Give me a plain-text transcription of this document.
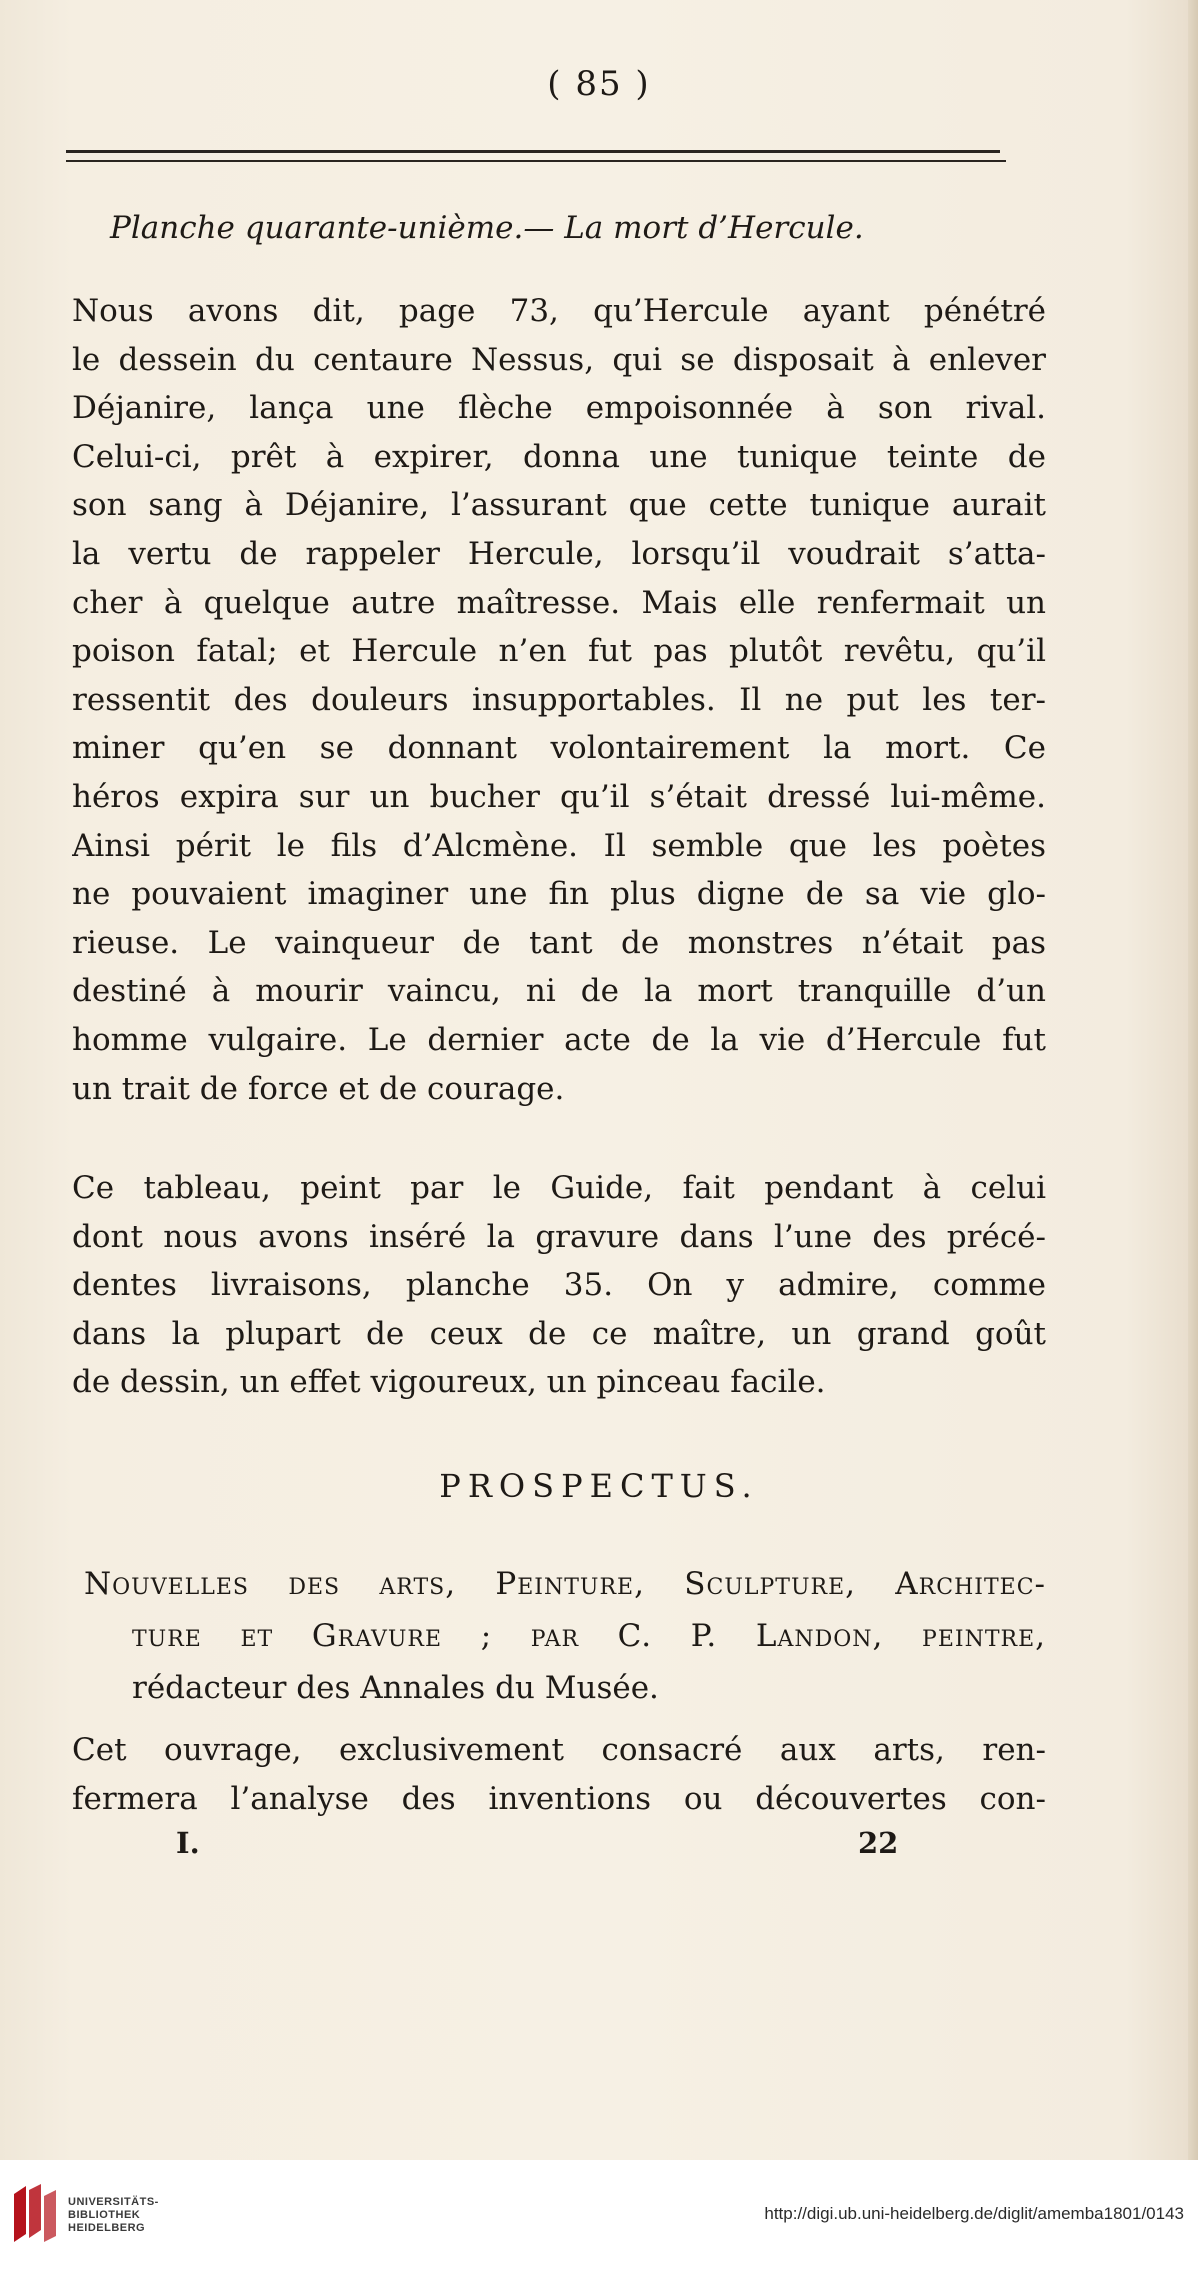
( 85 )
Planche quarante-unième.— La mort d’Hercule.
Nous avons dit, page 73, qu’Hercule ayant pénétré
le dessein du centaure Nessus, qui se disposait à enlever
Déjanire, lança une flèche empoisonnée à son rival.
Celui-ci, prêt à expirer, donna une tunique teinte de
son sang à Déjanire, l’assurant que cette tunique aurait
la vertu de rappeler Hercule, lorsqu’il voudrait s’atta-
cher à quelque autre maîtresse. Mais elle renfermait un
poison fatal; et Hercule n’en fut pas plutôt revêtu, qu’il
ressentit des douleurs insupportables. Il ne put les ter-
miner qu’en se donnant volontairement la mort. Ce
héros expira sur un bucher qu’il s’était dressé lui-même.
Ainsi périt le fils d’Alcmène. Il semble que les poètes
ne pouvaient imaginer une fin plus digne de sa vie glo-
rieuse. Le vainqueur de tant de monstres n’était pas
destiné à mourir vaincu, ni de la mort tranquille d’un
homme vulgaire. Le dernier acte de la vie d’Hercule fut
un trait de force et de courage.
Ce tableau, peint par le Guide, fait pendant à celui
dont nous avons inséré la gravure dans l’une des précé-
dentes livraisons, planche 35. On y admire, comme
dans la plupart de ceux de ce maître, un grand goût
de dessin, un effet vigoureux, un pinceau facile.
PROSPECTUS.
Nouvelles des arts, Peinture, Sculpture, Architec-
ture et Gravure ; par C. P. Landon, peintre,
rédacteur des Annales du Musée.
Cet ouvrage, exclusivement consacré aux arts, ren-
fermera l’analyse des inventions ou découvertes con-
I.	22
UNIVERSITÄTS-
BIBLIOTHEK
HEIDELBERG
http://digi.ub.uni-heidelberg.de/diglit/amemba1801/0143
